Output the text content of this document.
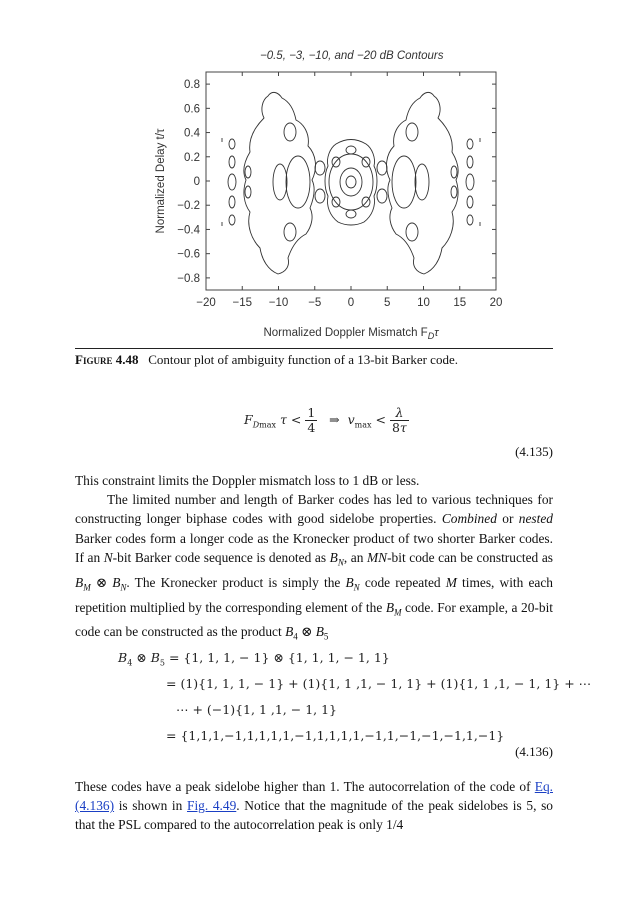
−0.5, −3, −10, and −20 dB Contours
−20 −15 −10 −5 0	5 10 15 20
0.8
0.6
0.4
0.2
0
−0.2
−0.4
−0.6
−0.8
Normalized Doppler Mismatch $F_D\tau$
Normalized Delay t/τ
Figure 4.48 Contour plot of ambiguity function of a 13-bit Barker code.
$F_{Dmax}$ $\tau < \frac{1}{4}$ ⇒  $v_{max} < \frac{\lambda}{8\tau}$
(4.135)

This constraint limits the Doppler mismatch loss to 1 dB or less.

The limited number and length of Barker codes has led to various techniques for constructing longer biphase codes with good sidelobe properties. Combined or nested Barker codes form a longer code as the Kronecker product of two shorter Barker codes. If an N-bit Barker code sequence is denoted as $B_N$, an MN-bit code can be constructed as $B_M$ ⊗ $B_N$. The Kronecker product is simply the $B_N$ code repeated M times, with each repetition multiplied by the corresponding element of the $B_M$ code. For example, a 20-bit code can be constructed as the product $B_4$ ⊗ $B_5$

$B_4$ ⊗ $B_5 = \{1$, 1, 1, − 1} ⊗ {1, 1, 1, − 1, 1}
= (1){1, 1, 1, − 1} + (1){1, 1 ,1, − 1, 1} + (1){1, 1 ,1, − 1, 1} + ⋯
⋯ + (−1){1, 1 ,1, − 1, 1}
= {1,1,1,−1,1,1,1,1,−1,1,1,1,1,−1,1,−1,−1,−1,1,−1}
(4.136)

These codes have a peak sidelobe higher than 1. The autocorrelation of the code of Eq. (4.136) is shown in Fig. 4.49. Notice that the magnitude of the peak sidelobes is 5, so that the PSL compared to the autocorrelation peak is only 1/4
